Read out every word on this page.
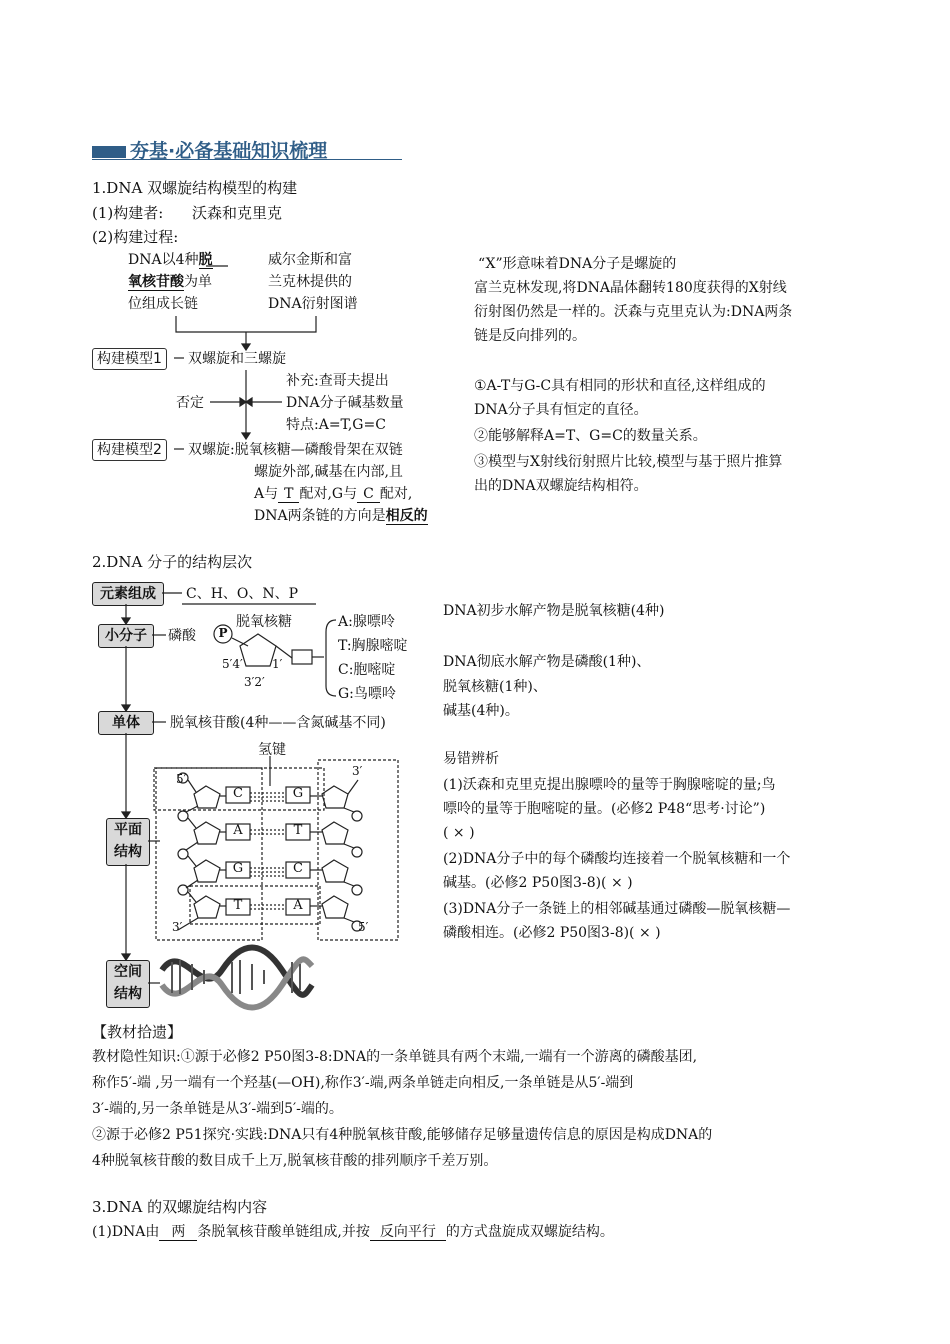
夯基·必备基础知识梳理
1.DNA 双螺旋结构模型的构建
(1)构建者: 沃森和克里克
(2)构建过程:
DNA以4种脱
氧核苷酸为单
位组成长链
威尔金斯和富
兰克林提供的
DNA衍射图谱
构建模型1	双螺旋和三螺旋
否定
补充:查哥夫提出
DNA分子碱基数量
特点:A=T,G=C
构建模型2	双螺旋:脱氧核糖—磷酸骨架在双链
螺旋外部,碱基在内部,且
A与 T 配对,G与 C 配对,
DNA两条链的方向是相反的
“X”形意味着DNA分子是螺旋的
富兰克林发现,将DNA晶体翻转180度获得的X射线
衍射图仍然是一样的。沃森与克里克认为:DNA两条
链是反向排列的。
①A-T与G-C具有相同的形状和直径,这样组成的
DNA分子具有恒定的直径。
②能够解释A=T、G=C的数量关系。
③模型与X射线衍射照片比较,模型与基于照片推算
出的DNA双螺旋结构相符。
2.DNA 分子的结构层次
元素组成	C、H、O、N、P
小分子	磷酸
脱氧核糖
P
5′4′ 1′
3′2′
A:腺嘌呤
T:胸腺嘧啶
C:胞嘧啶
G:鸟嘌呤
单体	脱氧核苷酸(4种——含氮碱基不同)
氢键
平面
结构
空间
结构
5′
3′
3′	5′
C
A
G
T
G
T
C
A
DNA初步水解产物是脱氧核糖(4种)
DNA彻底水解产物是磷酸(1种)、
脱氧核糖(1种)、
碱基(4种)。
易错辨析
(1)沃森和克里克提出腺嘌呤的量等于胸腺嘧啶的量;鸟
嘌呤的量等于胞嘧啶的量。(必修2 P48“思考·讨论”)
( × )
(2)DNA分子中的每个磷酸均连接着一个脱氧核糖和一个
碱基。(必修2 P50图3-8)( × )
(3)DNA分子一条链上的相邻碱基通过磷酸—脱氧核糖—
磷酸相连。(必修2 P50图3-8)( × )
【教材拾遗】
教材隐性知识:①源于必修2 P50图3-8:DNA的一条单链具有两个末端,一端有一个游离的磷酸基团,
称作5′-端 ,另一端有一个羟基(—OH),称作3′-端,两条单链走向相反,一条单链是从5′-端到
3′-端的,另一条单链是从3′-端到5′-端的。
②源于必修2 P51探究·实践:DNA只有4种脱氧核苷酸,能够储存足够量遗传信息的原因是构成DNA的
4种脱氧核苷酸的数目成千上万,脱氧核苷酸的排列顺序千差万别。
3.DNA 的双螺旋结构内容
(1)DNA由 两 条脱氧核苷酸单链组成,并按 反向平行 的方式盘旋成双螺旋结构。
